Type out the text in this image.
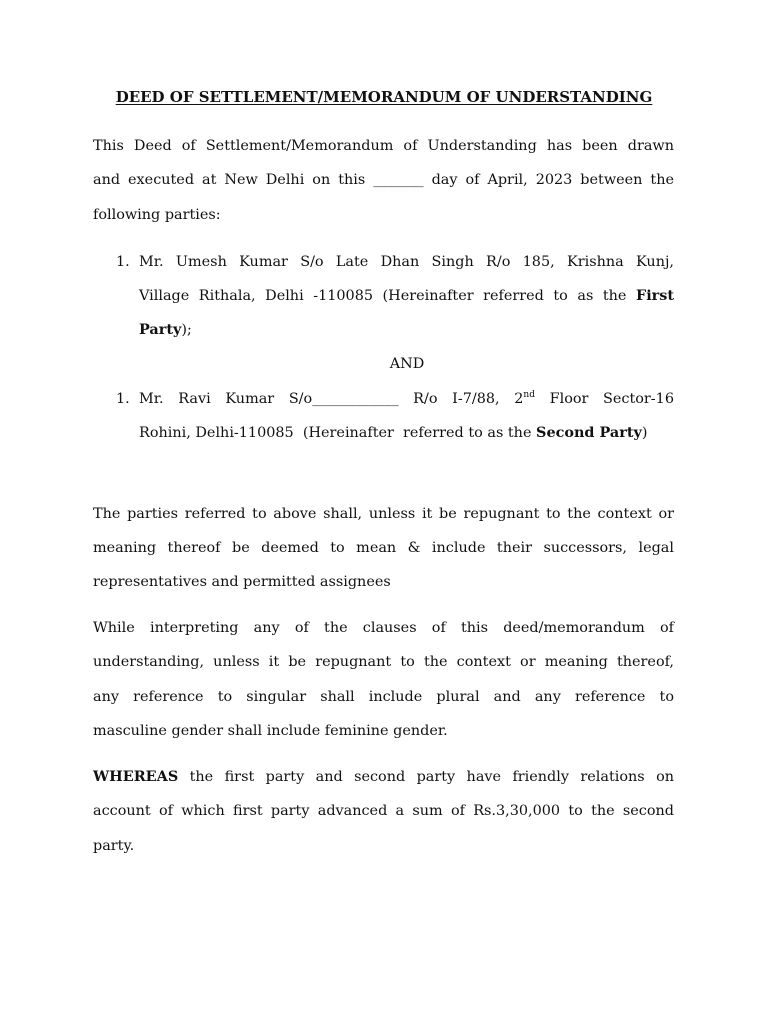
DEED OF SETTLEMENT/MEMORANDUM OF UNDERSTANDING
This Deed of Settlement/Memorandum of Understanding has been drawn
and executed at New Delhi on this _______ day of April, 2023 between the
following parties:
1. Mr. Umesh Kumar S/o Late Dhan Singh R/o 185, Krishna Kunj,
Village Rithala, Delhi -110085 (Hereinafter referred to as the First
Party);
AND
1. Mr. Ravi Kumar S/o____________ R/o I-7/88, 2nd Floor Sector-16
Rohini, Delhi-110085  (Hereinafter  referred to as the Second Party)
The parties referred to above shall, unless it be repugnant to the context or
meaning thereof be deemed to mean & include their successors, legal
representatives and permitted assignees
While interpreting any of the clauses of this deed/memorandum of
understanding, unless it be repugnant to the context or meaning thereof,
any reference to singular shall include plural and any reference to
masculine gender shall include feminine gender.
WHEREAS the first party and second party have friendly relations on
account of which first party advanced a sum of Rs.3,30,000 to the second
party.
